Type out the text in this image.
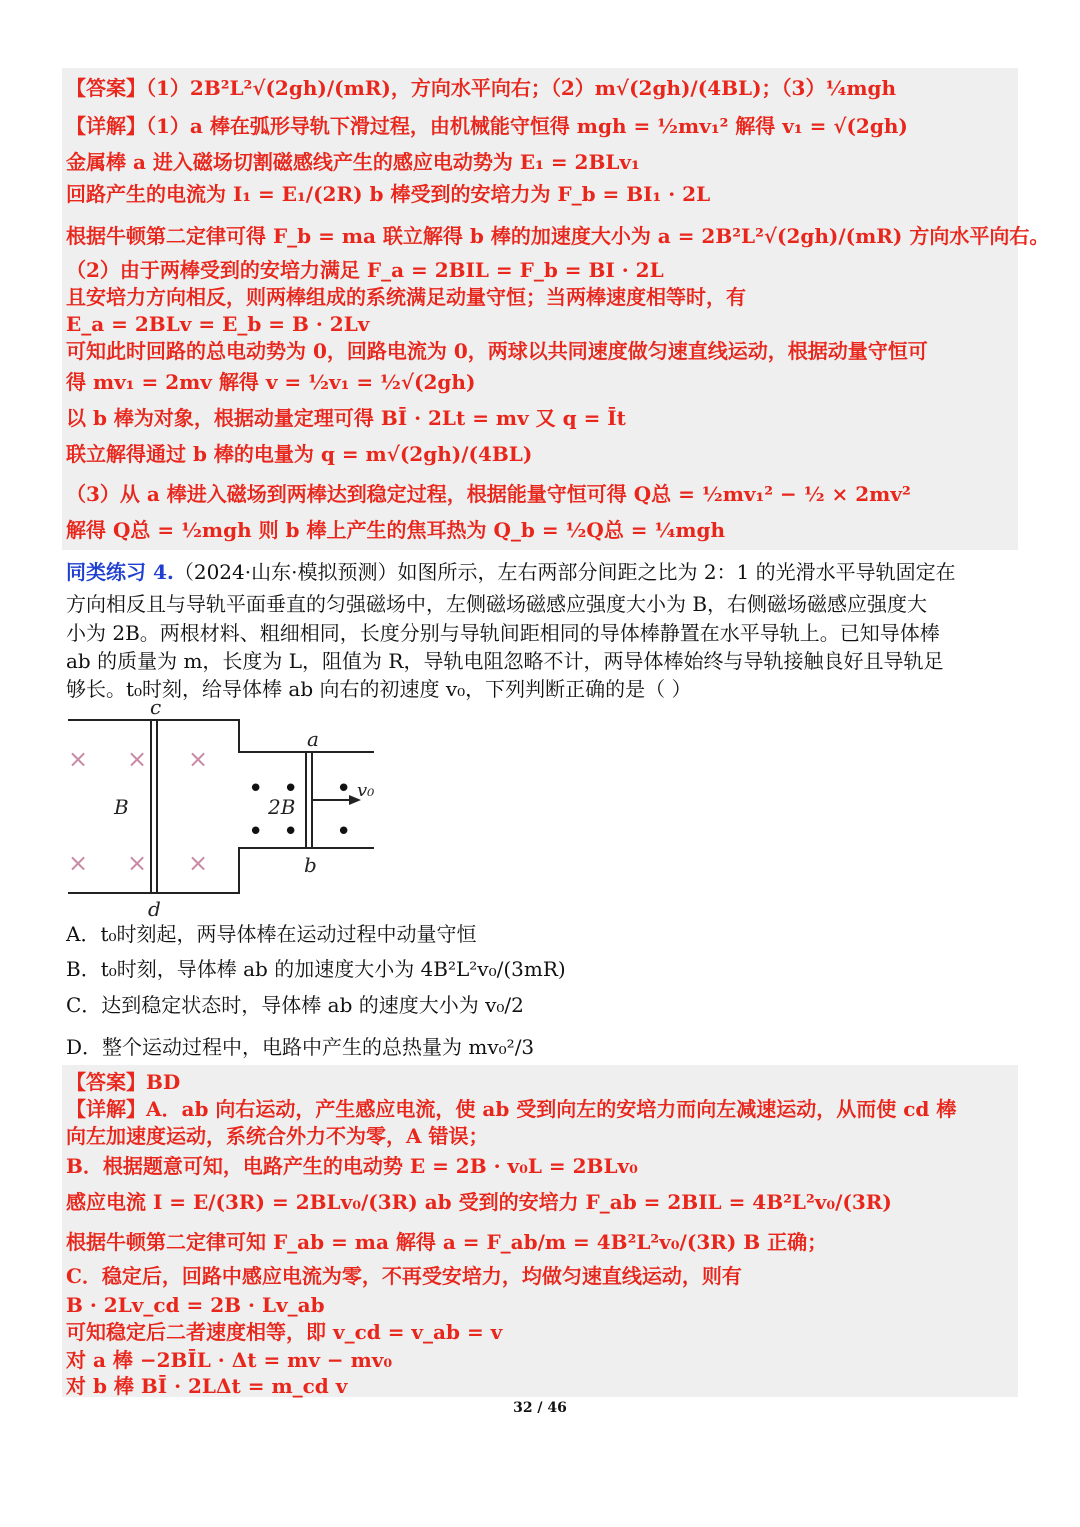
【答案】（1）2B²L²√(2gh)/(mR)，方向水平向右；（2）m√(2gh)/(4BL)；（3）¼mgh
【详解】（1）a 棒在弧形导轨下滑过程，由机械能守恒得 mgh = ½mv₁² 解得 v₁ = √(2gh)
金属棒 a 进入磁场切割磁感线产生的感应电动势为 E₁ = 2BLv₁
回路产生的电流为 I₁ = E₁/(2R) b 棒受到的安培力为 F_b = BI₁ · 2L
根据牛顿第二定律可得 F_b = ma 联立解得 b 棒的加速度大小为 a = 2B²L²√(2gh)/(mR) 方向水平向右。
（2）由于两棒受到的安培力满足 F_a = 2BIL = F_b = BI · 2L
且安培力方向相反，则两棒组成的系统满足动量守恒；当两棒速度相等时，有
E_a = 2BLv = E_b = B · 2Lv
可知此时回路的总电动势为 0，回路电流为 0，两球以共同速度做匀速直线运动，根据动量守恒可
得 mv₁ = 2mv 解得 v = ½v₁ = ½√(2gh)
以 b 棒为对象，根据动量定理可得 BĪ · 2Lt = mv 又 q = Īt
联立解得通过 b 棒的电量为 q = m√(2gh)/(4BL)
（3）从 a 棒进入磁场到两棒达到稳定过程，根据能量守恒可得 Q总 = ½mv₁² − ½ × 2mv²
解得 Q总 = ½mgh 则 b 棒上产生的焦耳热为 Q_b = ½Q总 = ¼mgh
同类练习 4.（2024·山东·模拟预测）如图所示，左右两部分间距之比为 2：1 的光滑水平导轨固定在
方向相反且与导轨平面垂直的匀强磁场中，左侧磁场磁感应强度大小为 B，右侧磁场磁感应强度大
小为 2B。两根材料、粗细相同，长度分别与导轨间距相同的导体棒静置在水平导轨上。已知导体棒
ab 的质量为 m，长度为 L，阻值为 R，导轨电阻忽略不计，两导体棒始终与导轨接触良好且导轨足
够长。t₀时刻，给导体棒 ab 向右的初速度 v₀，下列判断正确的是（ ）
c
d
a
b
B	2B
v₀
× × ×
× × ×
• • •
• • •
A．t₀时刻起，两导体棒在运动过程中动量守恒
B．t₀时刻，导体棒 ab 的加速度大小为 4B²L²v₀/(3mR)
C．达到稳定状态时，导体棒 ab 的速度大小为 v₀/2
D．整个运动过程中，电路中产生的总热量为 mv₀²/3
【答案】BD
【详解】A．ab 向右运动，产生感应电流，使 ab 受到向左的安培力而向左减速运动，从而使 cd 棒
向左加速度运动，系统合外力不为零，A 错误；
B．根据题意可知，电路产生的电动势 E = 2B · v₀L = 2BLv₀
感应电流 I = E/(3R) = 2BLv₀/(3R) ab 受到的安培力 F_ab = 2BIL = 4B²L²v₀/(3R)
根据牛顿第二定律可知 F_ab = ma 解得 a = F_ab/m = 4B²L²v₀/(3R) B 正确；
C．稳定后，回路中感应电流为零，不再受安培力，均做匀速直线运动，则有
B · 2Lv_cd = 2B · Lv_ab
可知稳定后二者速度相等，即 v_cd = v_ab = v
对 a 棒 −2BĪL · Δt = mv − mv₀
对 b 棒 BĪ · 2LΔt = m_cd v
32 / 46
